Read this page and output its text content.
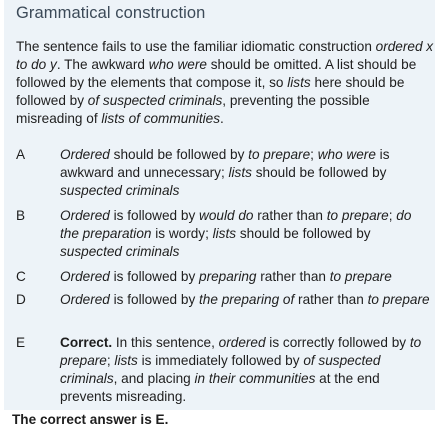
Grammatical construction
The sentence fails to use the familiar idiomatic construction ordered x to do y. The awkward who were should be omitted. A list should be followed by the elements that compose it, so lists here should be followed by of suspected criminals, preventing the possible misreading of lists of communities.
A	Ordered should be followed by to prepare; who were is awkward and unnecessary; lists should be followed by suspected criminals
B	Ordered is followed by would do rather than to prepare; do the preparation is wordy; lists should be followed by suspected criminals
C	Ordered is followed by preparing rather than to prepare
D	Ordered is followed by the preparing of rather than to prepare
E	Correct. In this sentence, ordered is correctly followed by to prepare; lists is immediately followed by of suspected criminals, and placing in their communities at the end prevents misreading.
The correct answer is E.
